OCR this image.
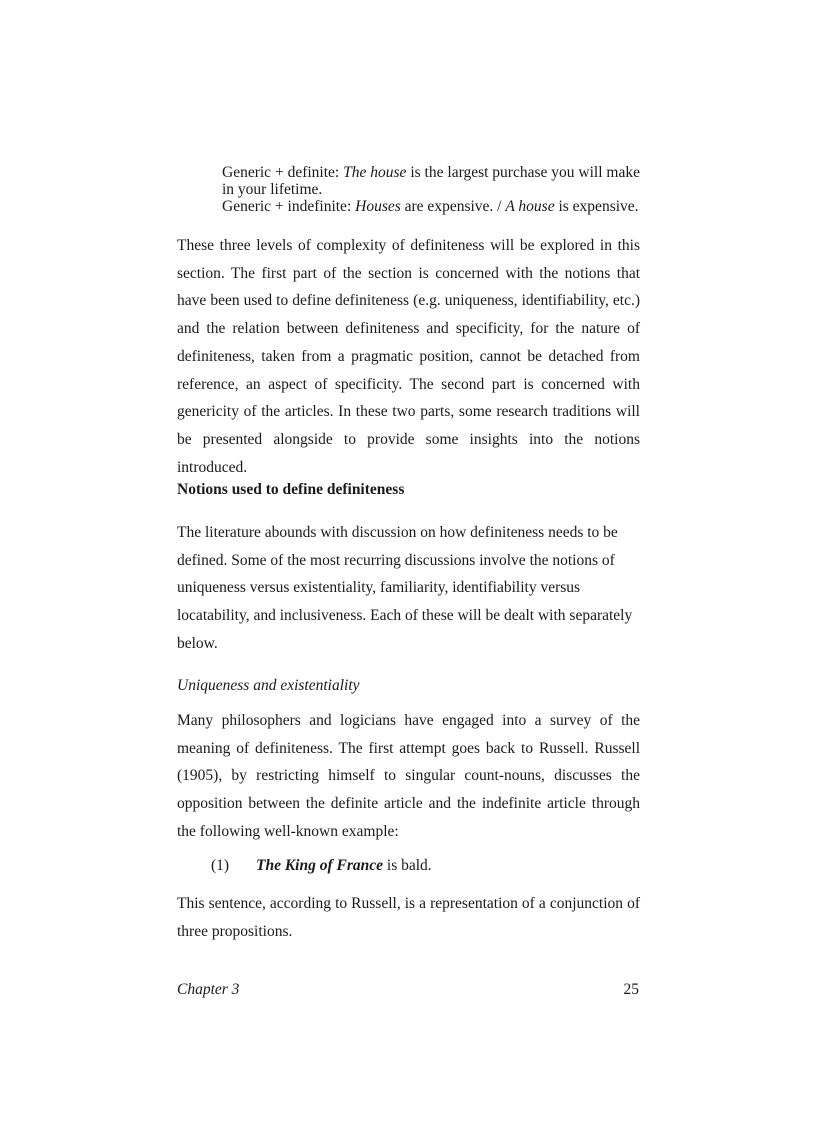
Generic + definite: The house is the largest purchase you will make in your lifetime.

Generic + indefinite: Houses are expensive. / A house is expensive.

These three levels of complexity of definiteness will be explored in this section. The first part of the section is concerned with the notions that have been used to define definiteness (e.g. uniqueness, identifiability, etc.) and the relation between definiteness and specificity, for the nature of definiteness, taken from a pragmatic position, cannot be detached from reference, an aspect of specificity. The second part is concerned with genericity of the articles. In these two parts, some research traditions will be presented alongside to provide some insights into the notions introduced.

Notions used to define definiteness

The literature abounds with discussion on how definiteness needs to be defined. Some of the most recurring discussions involve the notions of uniqueness versus existentiality, familiarity, identifiability versus locatability, and inclusiveness. Each of these will be dealt with separately below.

Uniqueness and existentiality

Many philosophers and logicians have engaged into a survey of the meaning of definiteness. The first attempt goes back to Russell. Russell (1905), by restricting himself to singular count-nouns, discusses the opposition between the definite article and the indefinite article through the following well-known example:

(1) The King of France is bald.

This sentence, according to Russell, is a representation of a conjunction of three propositions.

Chapter 3	25
